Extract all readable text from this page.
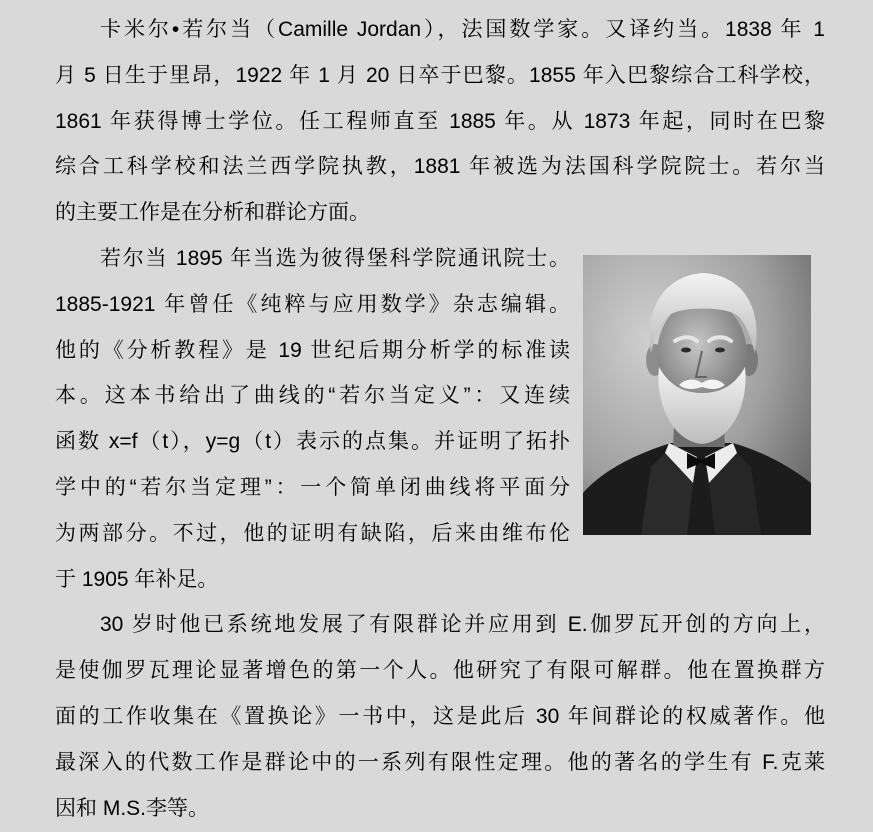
卡米尔•若尔当（Camille Jordan），法国数学家。又译约当。1838 年 1
月 5 日生于里昂，1922 年 1 月 20 日卒于巴黎。1855 年入巴黎综合工科学校，
1861 年获得博士学位。任工程师直至 1885 年。从 1873 年起，同时在巴黎
综合工科学校和法兰西学院执教，1881 年被选为法国科学院院士。若尔当
的主要工作是在分析和群论方面。
若尔当 1895 年当选为彼得堡科学院通讯院士。
1885-1921 年曾任《纯粹与应用数学》杂志编辑。
他的《分析教程》是 19 世纪后期分析学的标准读
本。这本书给出了曲线的“若尔当定义”：又连续
函数 x=f（t），y=g（t）表示的点集。并证明了拓扑
学中的“若尔当定理”：一个简单闭曲线将平面分
为两部分。不过，他的证明有缺陷，后来由维布伦
于 1905 年补足。
30 岁时他已系统地发展了有限群论并应用到 E.伽罗瓦开创的方向上，
是使伽罗瓦理论显著增色的第一个人。他研究了有限可解群。他在置换群方
面的工作收集在《置换论》一书中，这是此后 30 年间群论的权威著作。他
最深入的代数工作是群论中的一系列有限性定理。他的著名的学生有 F.克莱
因和 M.S.李等。
